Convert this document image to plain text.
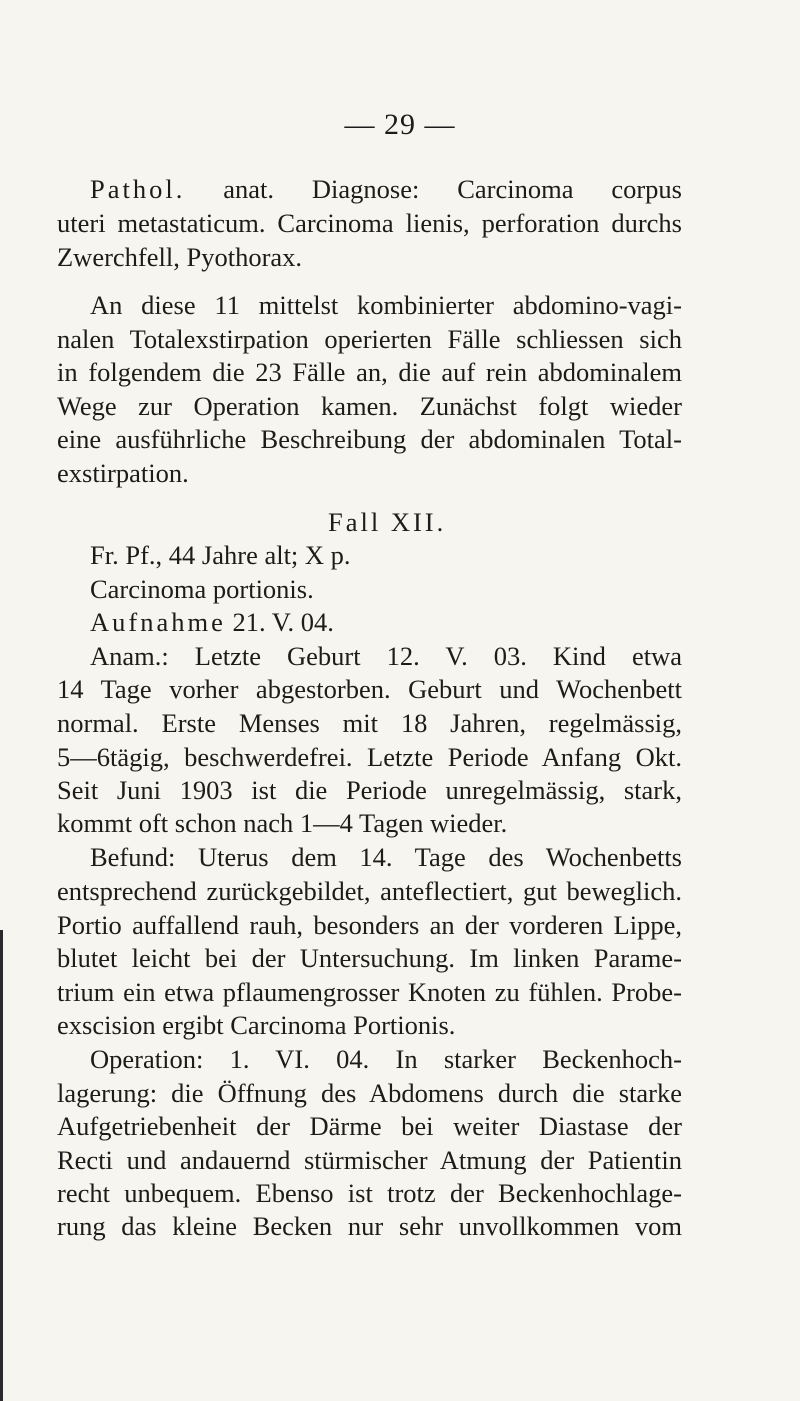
— 29 —
Pathol. anat. Diagnose: Carcinoma corpus
uteri metastaticum. Carcinoma lienis, perforation durchs
Zwerchfell, Pyothorax.
An diese 11 mittelst kombinierter abdomino-vagi-
nalen Totalexstirpation operierten Fälle schliessen sich
in folgendem die 23 Fälle an, die auf rein abdominalem
Wege zur Operation kamen. Zunächst folgt wieder
eine ausführliche Beschreibung der abdominalen Total-
exstirpation.
Fall XII.
Fr. Pf., 44 Jahre alt; X p.
Carcinoma portionis.
Aufnahme 21. V. 04.
Anam.: Letzte Geburt 12. V. 03. Kind etwa
14 Tage vorher abgestorben. Geburt und Wochenbett
normal. Erste Menses mit 18 Jahren, regelmässig,
5—6tägig, beschwerdefrei. Letzte Periode Anfang Okt.
Seit Juni 1903 ist die Periode unregelmässig, stark,
kommt oft schon nach 1—4 Tagen wieder.
Befund: Uterus dem 14. Tage des Wochenbetts
entsprechend zurückgebildet, anteflectiert, gut beweglich.
Portio auffallend rauh, besonders an der vorderen Lippe,
blutet leicht bei der Untersuchung. Im linken Parame-
trium ein etwa pflaumengrosser Knoten zu fühlen. Probe-
exscision ergibt Carcinoma Portionis.
Operation: 1. VI. 04. In starker Beckenhoch-
lagerung: die Öffnung des Abdomens durch die starke
Aufgetriebenheit der Därme bei weiter Diastase der
Recti und andauernd stürmischer Atmung der Patientin
recht unbequem. Ebenso ist trotz der Beckenhochlage-
rung das kleine Becken nur sehr unvollkommen vom
